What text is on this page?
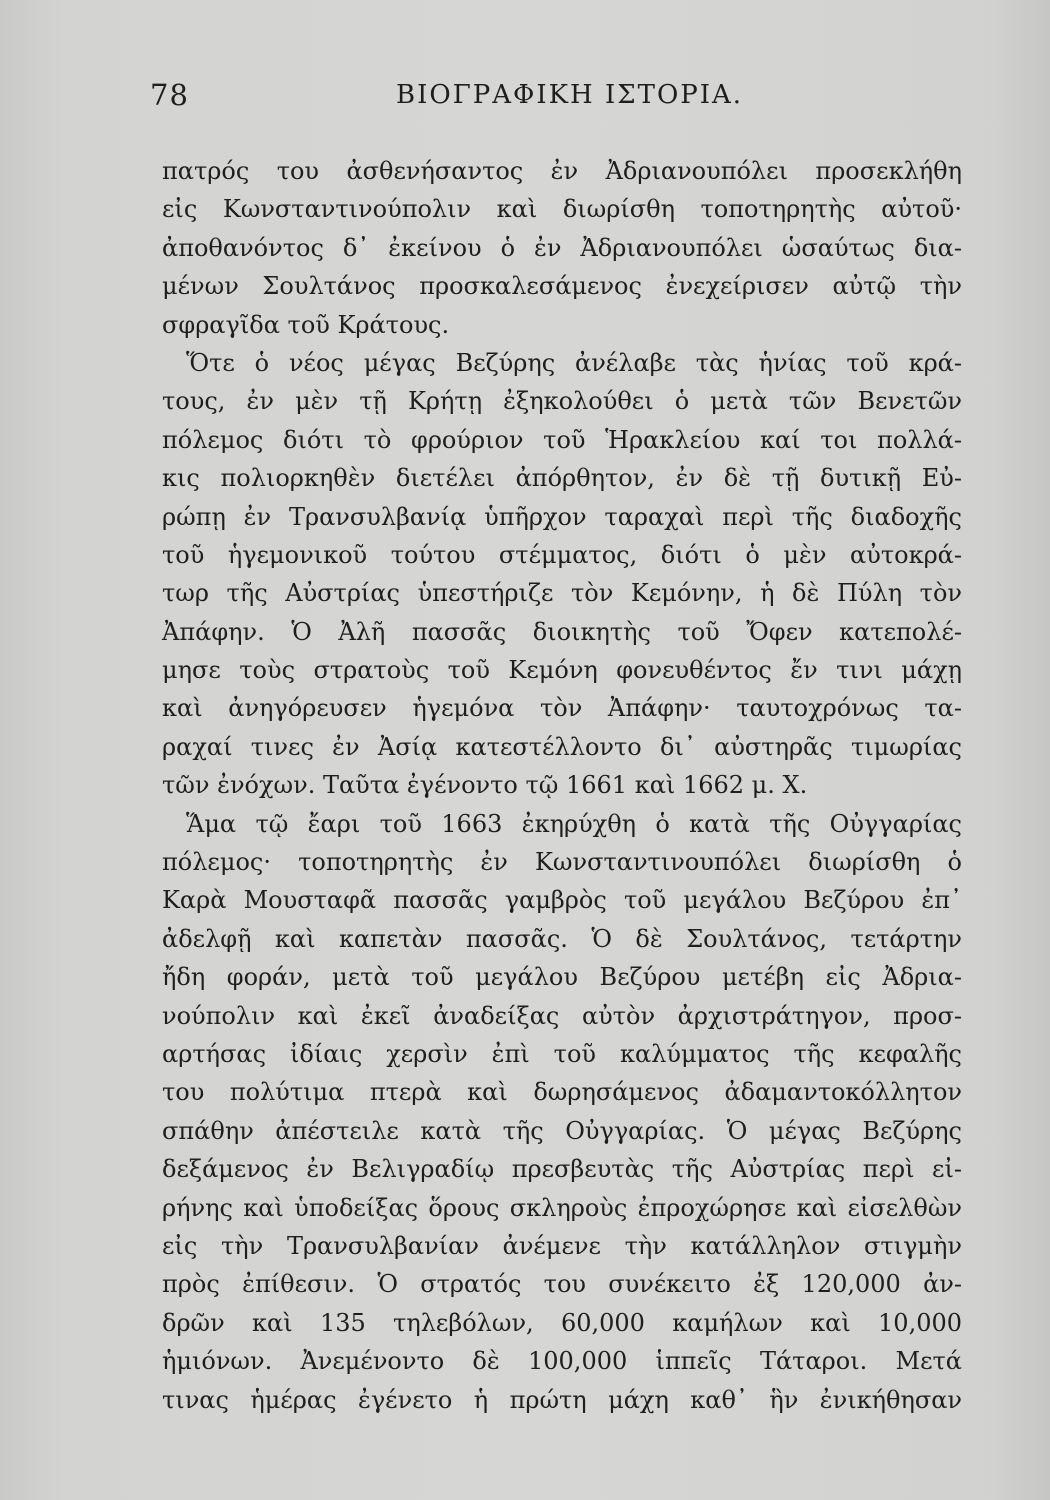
78	ΒΙΟΓΡΑΦΙΚΗ ΙΣΤΟΡΙΑ.
πατρός του ἀσθενήσαντος ἐν Ἀδριανουπόλει προσεκλήθη
εἰς Κωνσταντινούπολιν καὶ διωρίσθη τοποτηρητὴς αὐτοῦ·
ἀποθανόντος δ᾽ ἐκείνου ὁ ἐν Ἀδριανουπόλει ὡσαύτως δια-
μένων Σουλτάνος προσκαλεσάμενος ἐνεχείρισεν αὐτῷ τὴν
σφραγῖδα τοῦ Κράτους.
Ὅτε ὁ νέος μέγας Βεζύρης ἀνέλαβε τὰς ἡνίας τοῦ κρά-
τους, ἐν μὲν τῇ Κρήτῃ ἐξηκολούθει ὁ μετὰ τῶν Βενετῶν
πόλεμος διότι τὸ φρούριον τοῦ Ἡρακλείου καί τοι πολλά-
κις πολιορκηθὲν διετέλει ἀπόρθητον, ἐν δὲ τῇ δυτικῇ Εὐ-
ρώπῃ ἐν Τρανσυλβανίᾳ ὑπῆρχον ταραχαὶ περὶ τῆς διαδοχῆς
τοῦ ἡγεμονικοῦ τούτου στέμματος, διότι ὁ μὲν αὐτοκρά-
τωρ τῆς Αὐστρίας ὑπεστήριζε τὸν Κεμόνην, ἡ δὲ Πύλη τὸν
Ἀπάφην. Ὁ Ἀλῆ πασσᾶς διοικητὴς τοῦ Ὄφεν κατεπολέ-
μησε τοὺς στρατοὺς τοῦ Κεμόνη φονευθέντος ἔν τινι μάχῃ
καὶ ἀνηγόρευσεν ἡγεμόνα τὸν Ἀπάφην· ταυτοχρόνως τα-
ραχαί τινες ἐν Ἀσίᾳ κατεστέλλοντο δι᾽ αὐστηρᾶς τιμωρίας
τῶν ἐνόχων. Ταῦτα ἐγένοντο τῷ 1661 καὶ 1662 μ. Χ.
Ἅμα τῷ ἔαρι τοῦ 1663 ἐκηρύχθη ὁ κατὰ τῆς Οὐγγαρίας
πόλεμος· τοποτηρητὴς ἐν Κωνσταντινουπόλει διωρίσθη ὁ
Καρὰ Μουσταφᾶ πασσᾶς γαμβρὸς τοῦ μεγάλου Βεζύρου ἐπ᾽
ἀδελφῇ καὶ καπετὰν πασσᾶς. Ὁ δὲ Σουλτάνος, τετάρτην
ἤδη φοράν, μετὰ τοῦ μεγάλου Βεζύρου μετέβη εἰς Ἀδρια-
νούπολιν καὶ ἐκεῖ ἀναδείξας αὐτὸν ἀρχιστράτηγον, προσ-
αρτήσας ἰδίαις χερσὶν ἐπὶ τοῦ καλύμματος τῆς κεφαλῆς
του πολύτιμα πτερὰ καὶ δωρησάμενος ἀδαμαντοκόλλητον
σπάθην ἀπέστειλε κατὰ τῆς Οὐγγαρίας. Ὁ μέγας Βεζύρης
δεξάμενος ἐν Βελιγραδίῳ πρεσβευτὰς τῆς Αὐστρίας περὶ εἰ-
ρήνης καὶ ὑποδείξας ὅρους σκληροὺς ἐπροχώρησε καὶ εἰσελθὼν
εἰς τὴν Τρανσυλβανίαν ἀνέμενε τὴν κατάλληλον στιγμὴν
πρὸς ἐπίθεσιν. Ὁ στρατός του συνέκειτο ἐξ 120,000 ἀν-
δρῶν καὶ 135 τηλεβόλων, 60,000 καμήλων καὶ 10,000
ἡμιόνων. Ἀνεμένοντο δὲ 100,000 ἱππεῖς Τάταροι. Μετά
τινας ἡμέρας ἐγένετο ἡ πρώτη μάχη καθ᾽ ἣν ἐνικήθησαν
